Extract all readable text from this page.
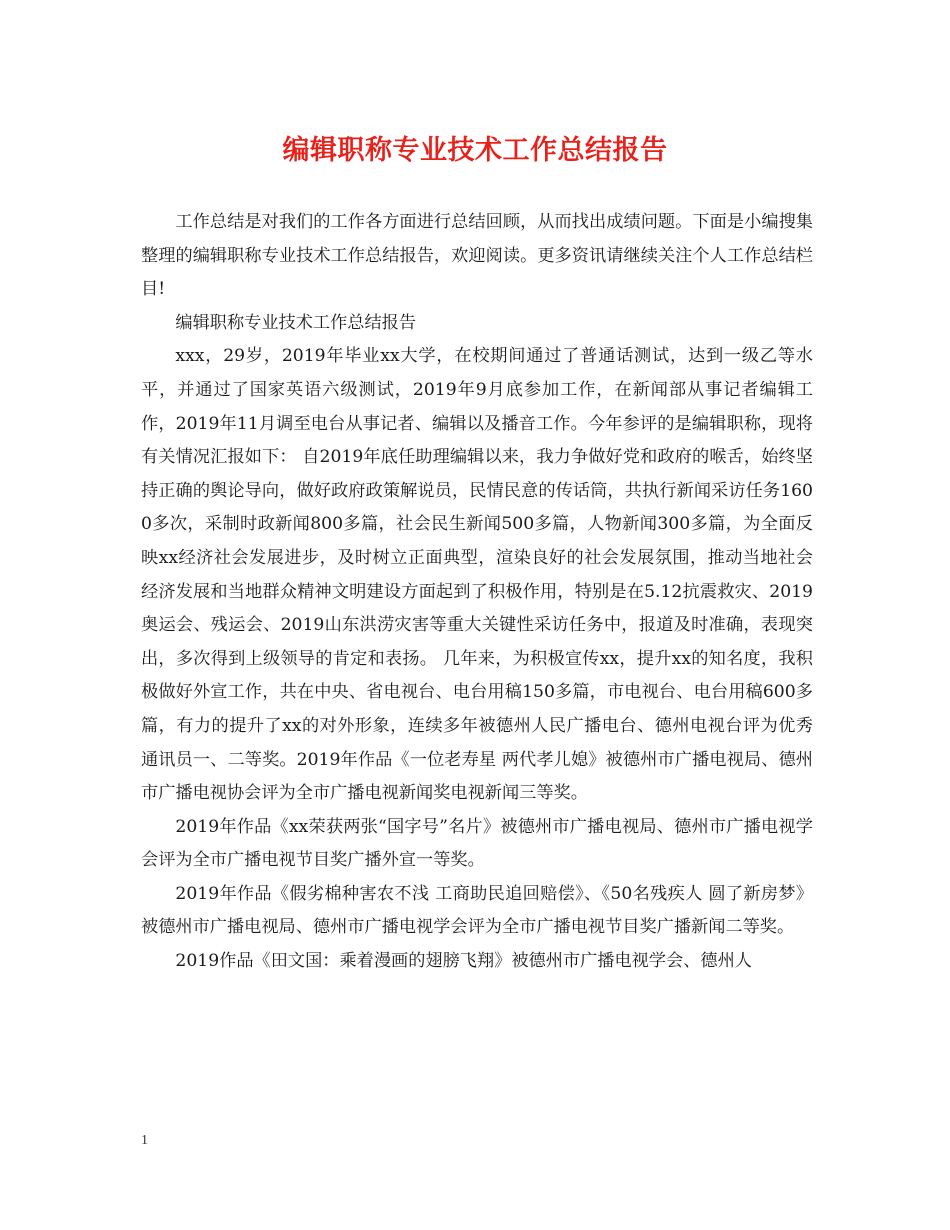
编辑职称专业技术工作总结报告

工作总结是对我们的工作各方面进行总结回顾，从而找出成绩问题。下面是小编搜集整理的编辑职称专业技术工作总结报告，欢迎阅读。更多资讯请继续关注个人工作总结栏目!

编辑职称专业技术工作总结报告

xxx，29岁，2019年毕业xx大学，在校期间通过了普通话测试，达到一级乙等水平，并通过了国家英语六级测试，2019年9月底参加工作，在新闻部从事记者编辑工作，2019年11月调至电台从事记者、编辑以及播音工作。今年参评的是编辑职称，现将有关情况汇报如下： 自2019年底任助理编辑以来，我力争做好党和政府的喉舌，始终坚持正确的舆论导向，做好政府政策解说员，民情民意的传话筒，共执行新闻采访任务1600多次，采制时政新闻800多篇，社会民生新闻500多篇，人物新闻300多篇，为全面反映xx经济社会发展进步，及时树立正面典型，渲染良好的社会发展氛围，推动当地社会经济发展和当地群众精神文明建设方面起到了积极作用，特别是在5.12抗震救灾、2019奥运会、残运会、2019山东洪涝灾害等重大关键性采访任务中，报道及时准确，表现突出，多次得到上级领导的肯定和表扬。 几年来，为积极宣传xx，提升xx的知名度，我积极做好外宣工作，共在中央、省电视台、电台用稿150多篇，市电视台、电台用稿600多篇，有力的提升了xx的对外形象，连续多年被德州人民广播电台、德州电视台评为优秀通讯员一、二等奖。2019年作品《一位老寿星 两代孝儿媳》被德州市广播电视局、德州市广播电视协会评为全市广播电视新闻奖电视新闻三等奖。

2019年作品《xx荣获两张“国字号”名片》被德州市广播电视局、德州市广播电视学会评为全市广播电视节目奖广播外宣一等奖。

2019年作品《假劣棉种害农不浅 工商助民追回赔偿》、《50名残疾人 圆了新房梦》被德州市广播电视局、德州市广播电视学会评为全市广播电视节目奖广播新闻二等奖。

2019作品《田文国：乘着漫画的翅膀飞翔》被德州市广播电视学会、德州人

1
